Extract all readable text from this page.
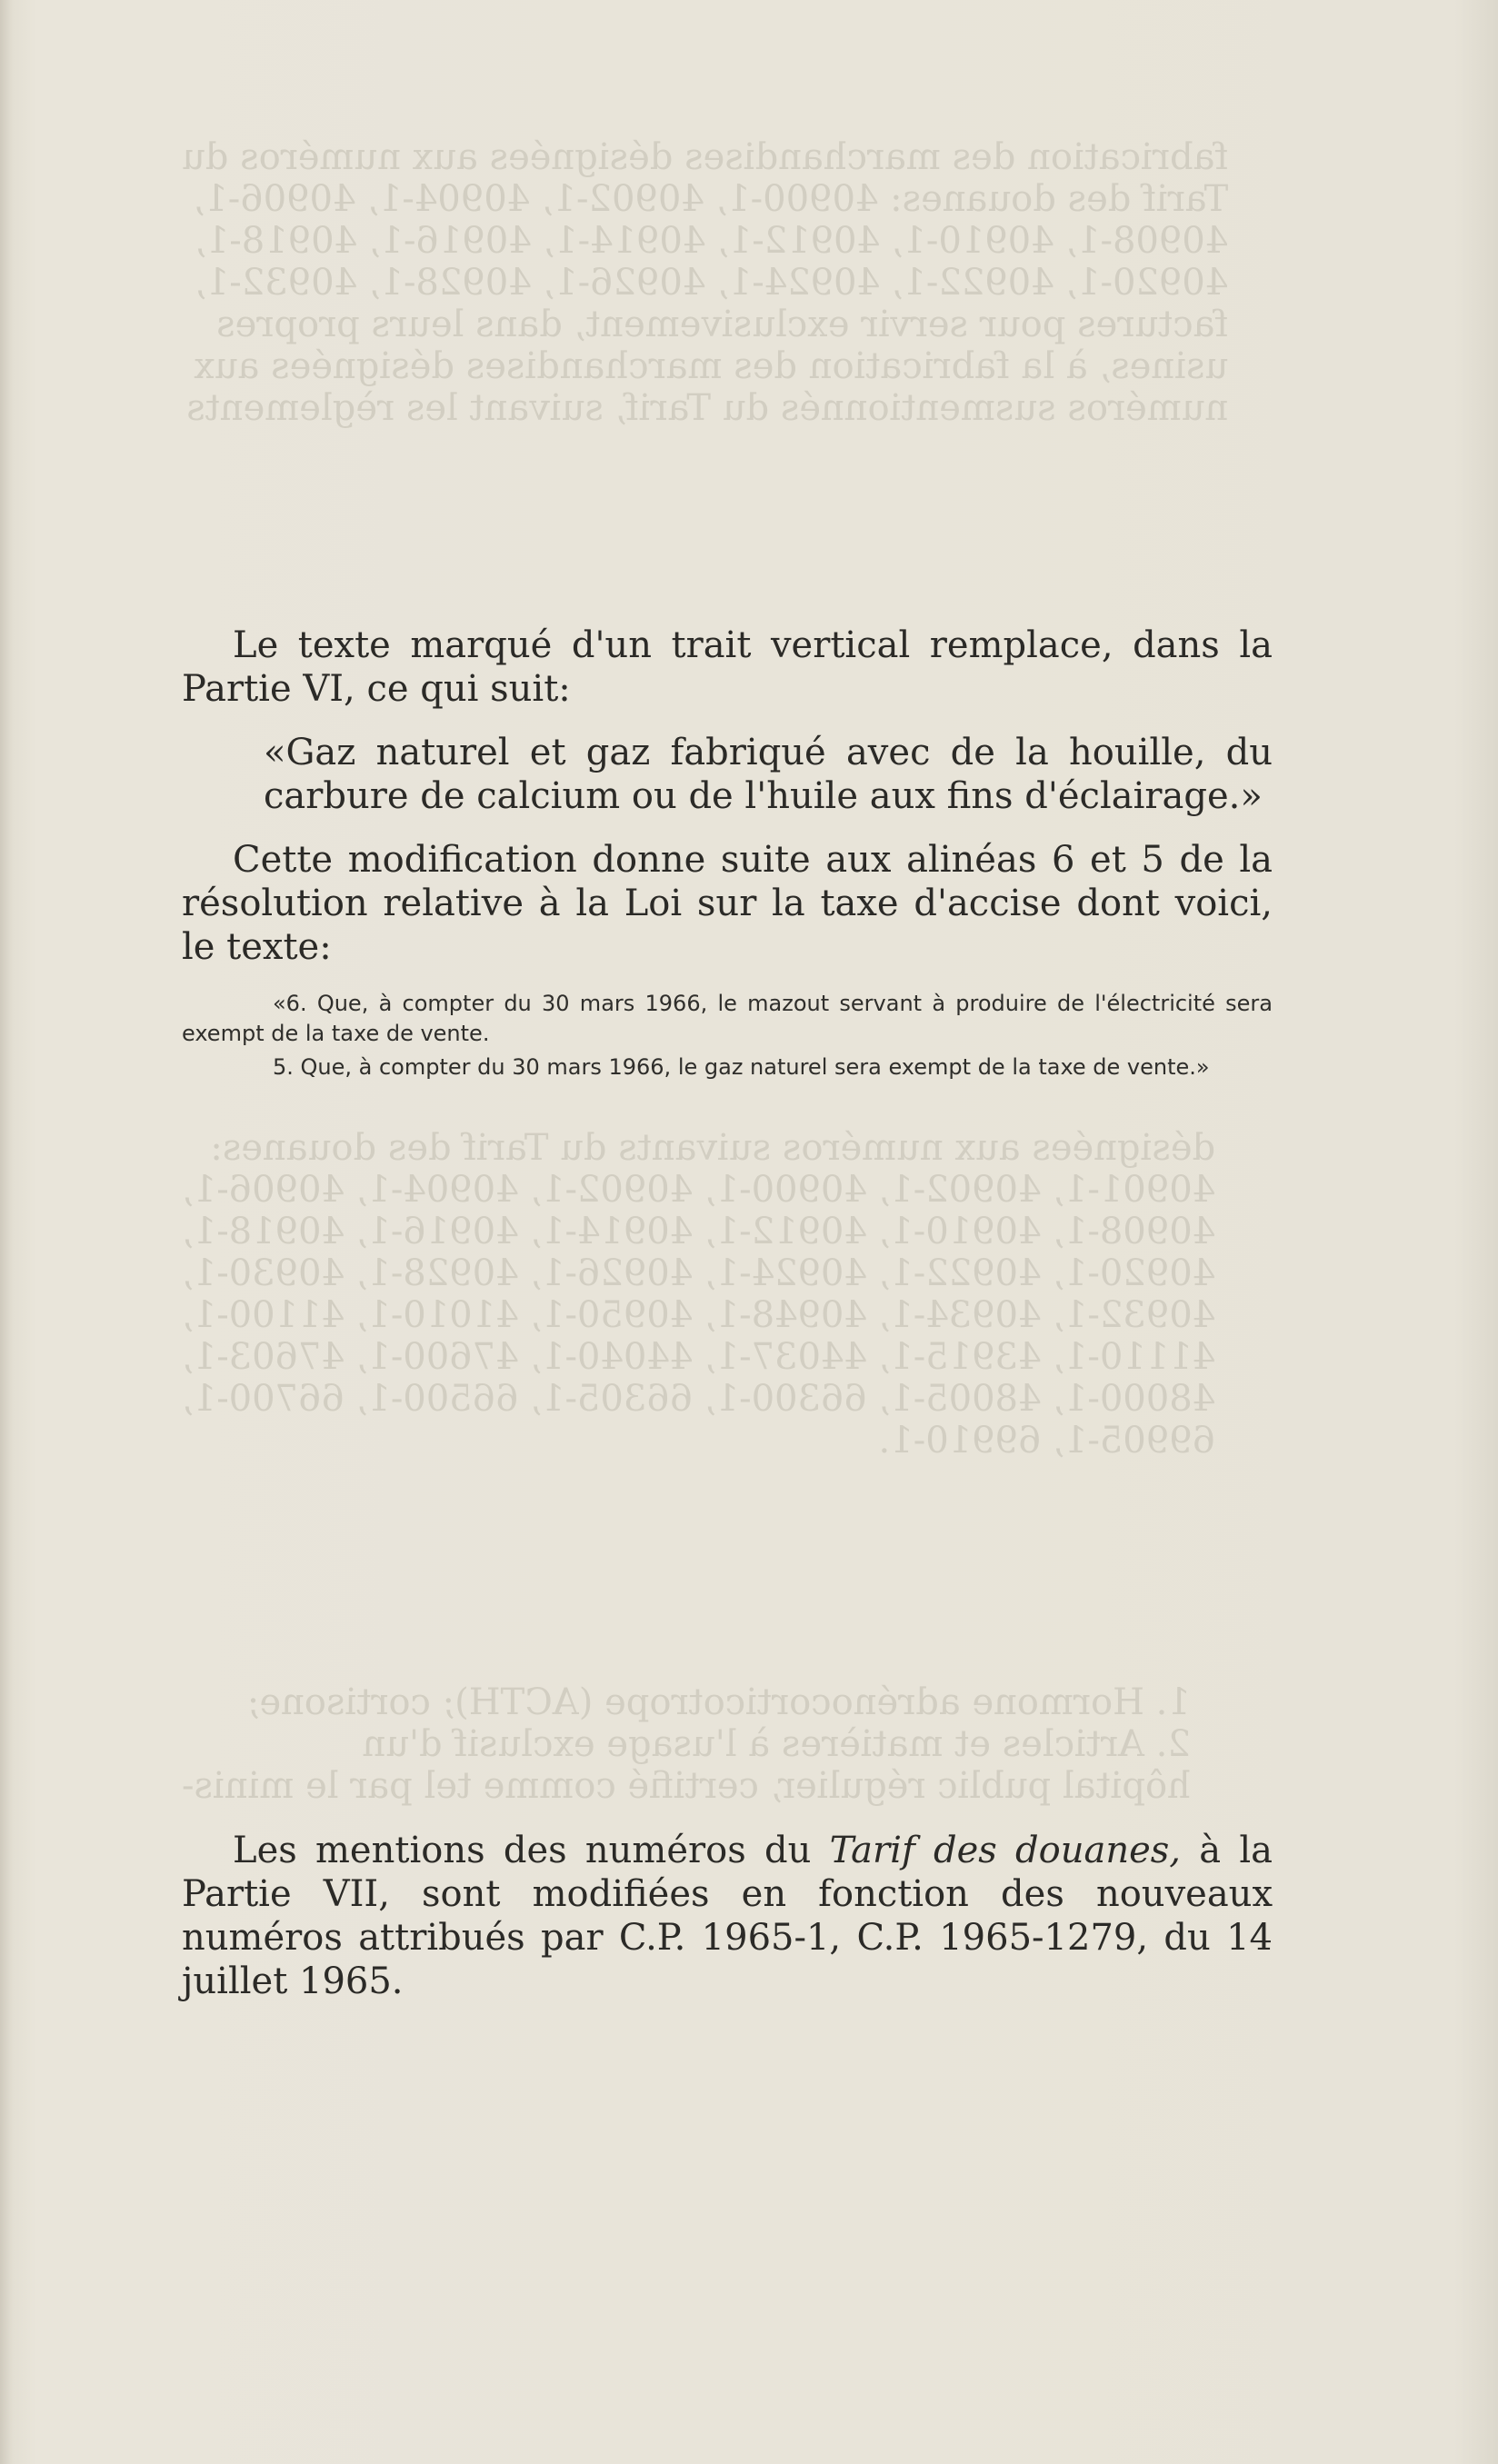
fabrication des marchandises désignées aux numéros du
Tarif des douanes: 40900-1, 40902-1, 40904-1, 40906-1,
40908-1, 40910-1, 40912-1, 40914-1, 40916-1, 40918-1,
40920-1, 40922-1, 40924-1, 40926-1, 40928-1, 40932-1,
factures pour servir exclusivement, dans leurs propres
usines, à la fabrication des marchandises désignées aux
numéros susmentionnés du Tarif, suivant les règlements
désignées aux numéros suivants du Tarif des douanes:
40901-1, 40902-1, 40900-1, 40902-1, 40904-1, 40906-1,
40908-1, 40910-1, 40912-1, 40914-1, 40916-1, 40918-1,
40920-1, 40922-1, 40924-1, 40926-1, 40928-1, 40930-1,
40932-1, 40934-1, 40948-1, 40950-1, 41010-1, 41100-1,
41110-1, 43915-1, 44037-1, 44040-1, 47600-1, 47603-1,
48000-1, 48005-1, 66300-1, 66305-1, 66500-1, 66700-1,
69905-1, 69910-1.
1. Hormone adrénocorticotrope (ACTH); cortisone;
2. Articles et matières à l'usage exclusif d'un
hôpital public régulier, certifié comme tel par le minis-

Le texte marqué d'un trait vertical remplace, dans la Partie VI, ce qui suit:

«Gaz naturel et gaz fabriqué avec de la houille, du carbure de calcium ou de l'huile aux fins d'éclairage.»

Cette modification donne suite aux alinéas 6 et 5 de la résolution relative à la Loi sur la taxe d'accise dont voici, le texte:

«6. Que, à compter du 30 mars 1966, le mazout servant à produire de l'électricité sera exempt de la taxe de vente.

5. Que, à compter du 30 mars 1966, le gaz naturel sera exempt de la taxe de vente.»

Les mentions des numéros du Tarif des douanes, à la Partie VII, sont modifiées en fonction des nouveaux numéros attribués par C.P. 1965-1, C.P. 1965-1279, du 14 juillet 1965.
